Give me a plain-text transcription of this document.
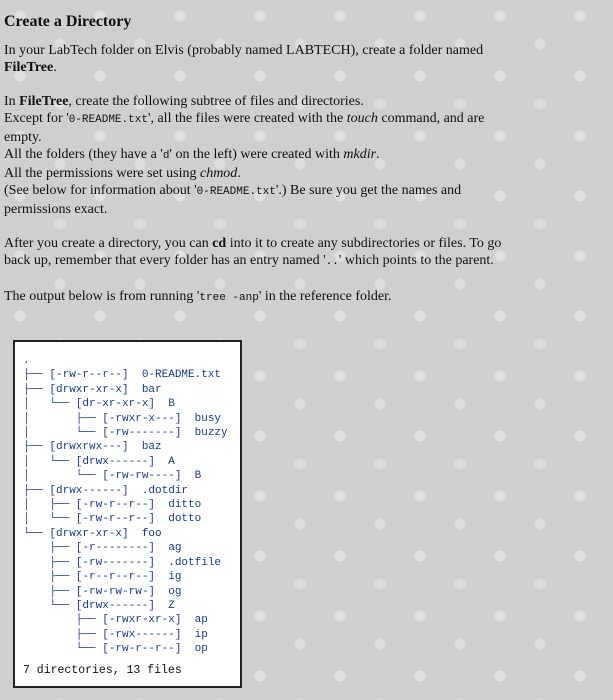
Create a Directory

In your LabTech folder on Elvis (probably named LABTECH), create a folder named FileTree.

In FileTree, create the following subtree of files and directories.
Except for '0-README.txt', all the files were created with the touch command, and are empty.
All the folders (they have a 'd' on the left) were created with mkdir.
All the permissions were set using chmod.
(See below for information about '0-README.txt'.) Be sure you get the names and permissions exact.

After you create a directory, you can cd into it to create any subdirectories or files. To go back up, remember that every folder has an entry named '..' which points to the parent.

The output below is from running 'tree -anp' in the reference folder.

.
├── [-rw-r--r--]  0-README.txt
├── [drwxr-xr-x]  bar
│   └── [dr-xr-xr-x]  B
│       ├── [-rwxr-x---]  busy
│       └── [-rw-------]  buzzy
├── [drwxrwx---]  baz
│   └── [drwx------]  A
│       └── [-rw-rw----]  B
├── [drwx------]  .dotdir
│   ├── [-rw-r--r--]  ditto
│   └── [-rw-r--r--]  dotto
└── [drwxr-xr-x]  foo
├── [-r--------]  ag
├── [-rw-------]  .dotfile
├── [-r--r--r--]  ig
├── [-rw-rw-rw-]  og
└── [drwx------]  Z
├── [-rwxr-xr-x]  ap
├── [-rwx------]  ip
└── [-rw-r--r--]  op
7 directories, 13 files
